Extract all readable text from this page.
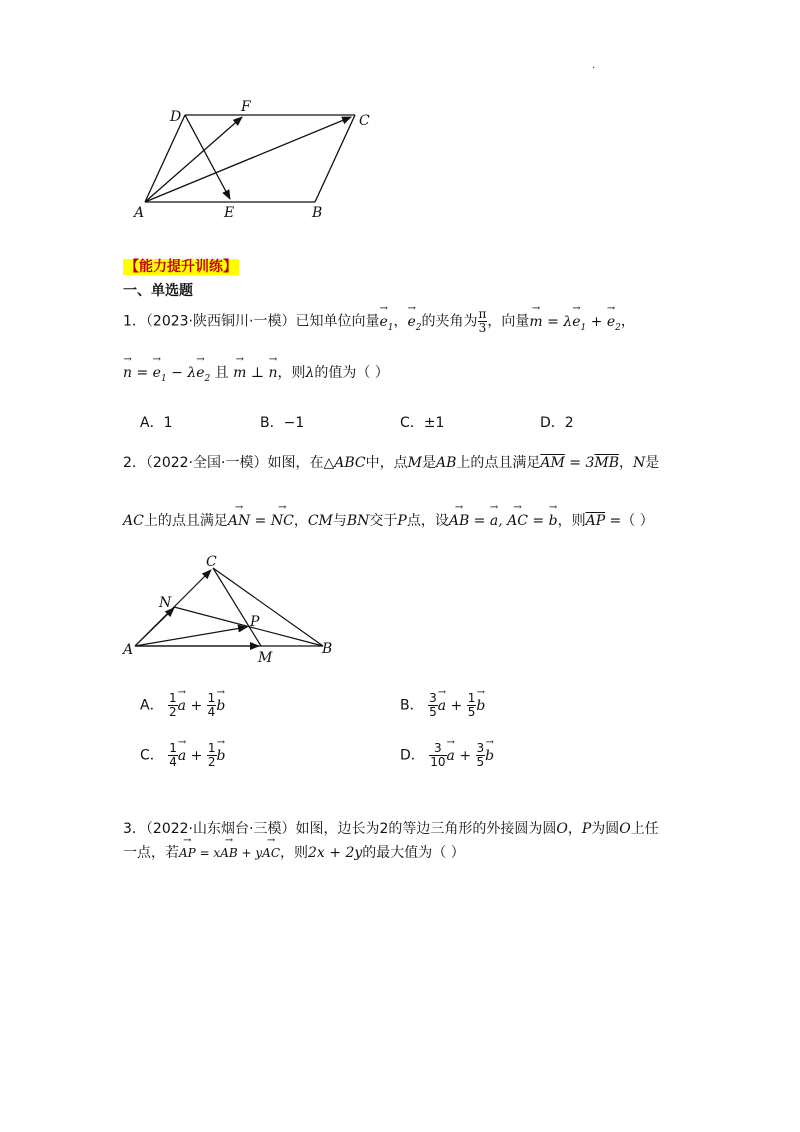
.
A	B
C
D
E
F
【能力提升训练】
一、单选题
1．（2023·陕西铜川·一模）已知单位向量→ $e_1$，→ $e_2$的夹角为 $\frac{\pi}{3}$ ，向量→ $m = \lambda\to e_1$ + → $e_2$，
→ n = → $e_1 - \lambda\to e_2$ 且 → m ⊥ → n，则λ的值为（ ）
A．1	B．−1	C．±1	D．2
2．（2022·全国·一模）如图，在△ABC中，点M是AB上的点且满足$\overline{AM} = 3\overline{MB}$，N是
AC上的点且满足→ AN = → NC，CM与BN交于P点，设→ AB = → a, → AC = → b，则$\overline{AP}$ =（ ）
A	B
C
M
N
P
A． $\frac{1}{2} \to a + \frac{1}{4} \to b$	B． $\frac{3}{5} \to a + \frac{1}{5} \to b$
C． $\frac{1}{4} \to a + \frac{1}{2} \to b$	D． $\frac{3}{10} \to a + \frac{3}{5} \to b$
3．（2022·山东烟台·三模）如图，边长为2的等边三角形的外接圆为圆O，P为圆O上任
一点，若→ AP = x→ AB + y→ AC，则2x + 2y的最大值为（ ）
